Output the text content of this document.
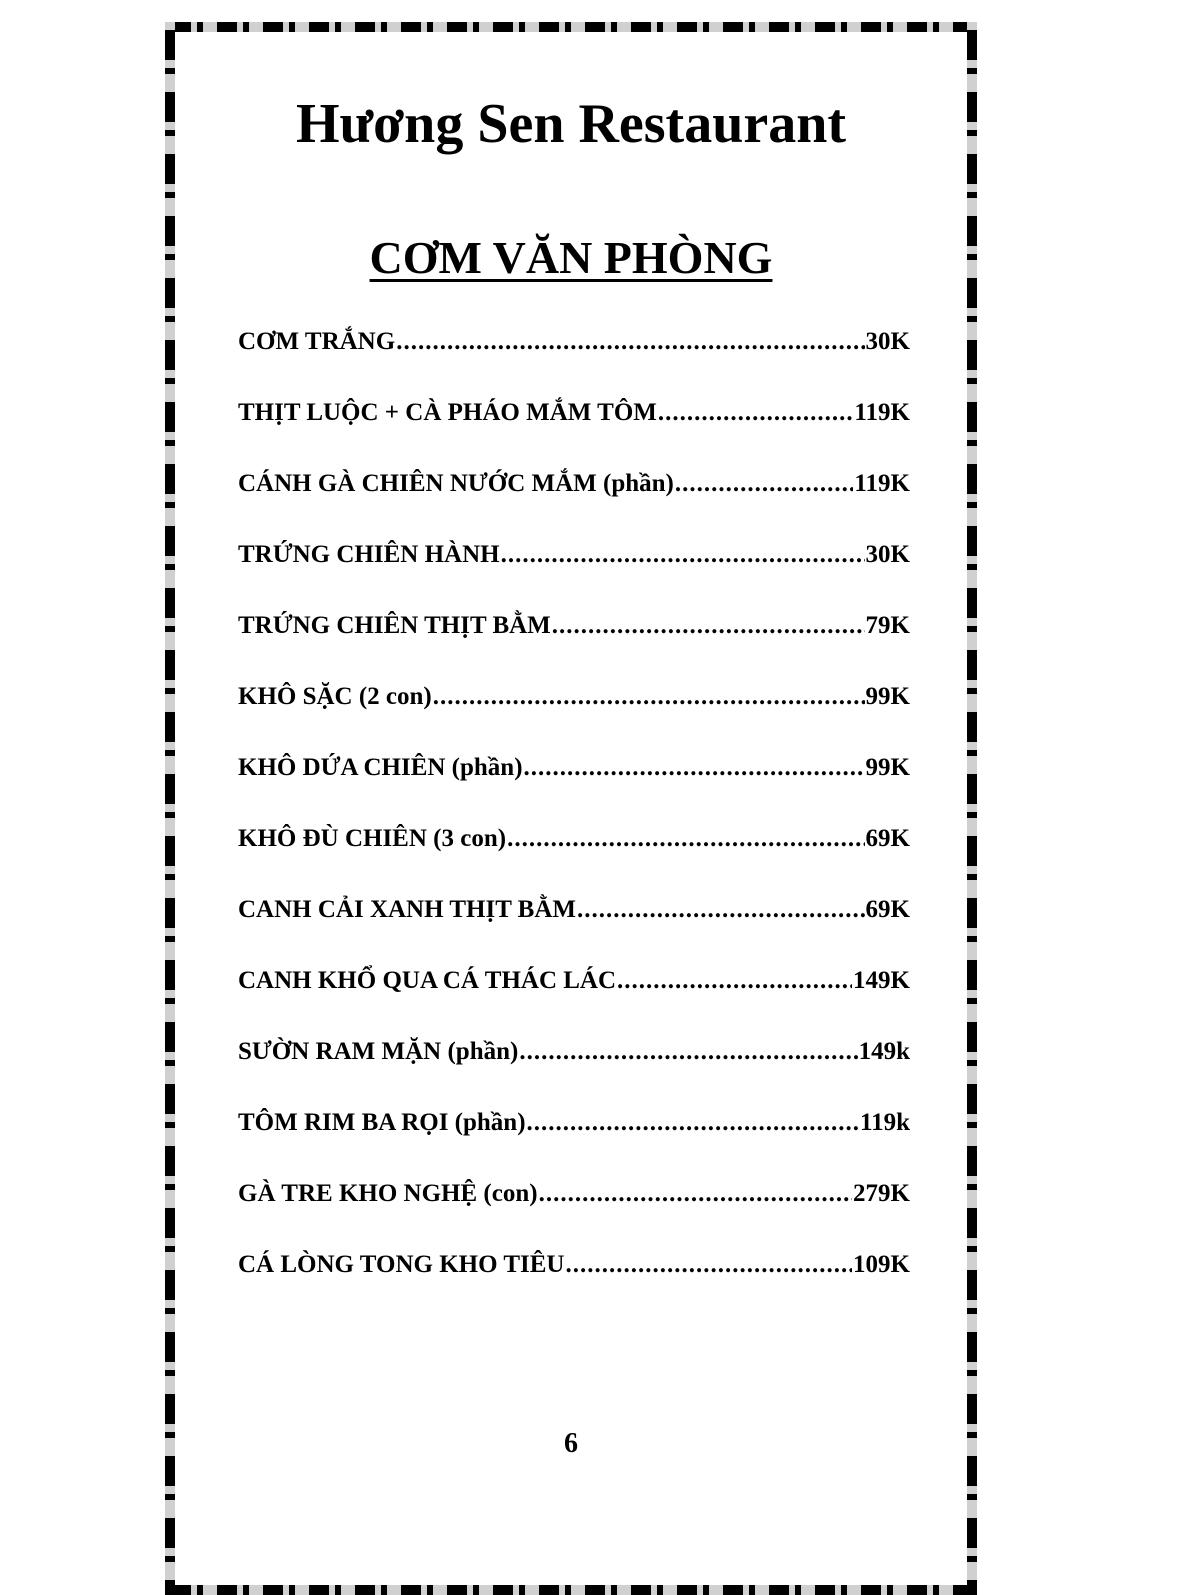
Hương Sen Restaurant
CƠM VĂN PHÒNG
CƠM TRẮNG .....	30K
THỊT LUỘC + CÀ PHÁO MẮM TÔM .....	119K
CÁNH GÀ CHIÊN NƯỚC MẮM (phần) .....	119K
TRỨNG CHIÊN HÀNH .....	30K
TRỨNG CHIÊN THỊT BẰM .....	79K
KHÔ SẶC (2 con) .....	99K
KHÔ DỨA CHIÊN (phần) .....	99K
KHÔ ĐÙ CHIÊN (3 con) .....	69K
CANH CẢI XANH THỊT BẰM .....	69K
CANH KHỔ QUA CÁ THÁC LÁC .....	149K
SƯỜN RAM MẶN (phần) .....	149k
TÔM RIM BA RỌI (phần) .....	119k
GÀ TRE KHO NGHỆ (con) .....	279K
CÁ LÒNG TONG KHO TIÊU .....	109K
6
